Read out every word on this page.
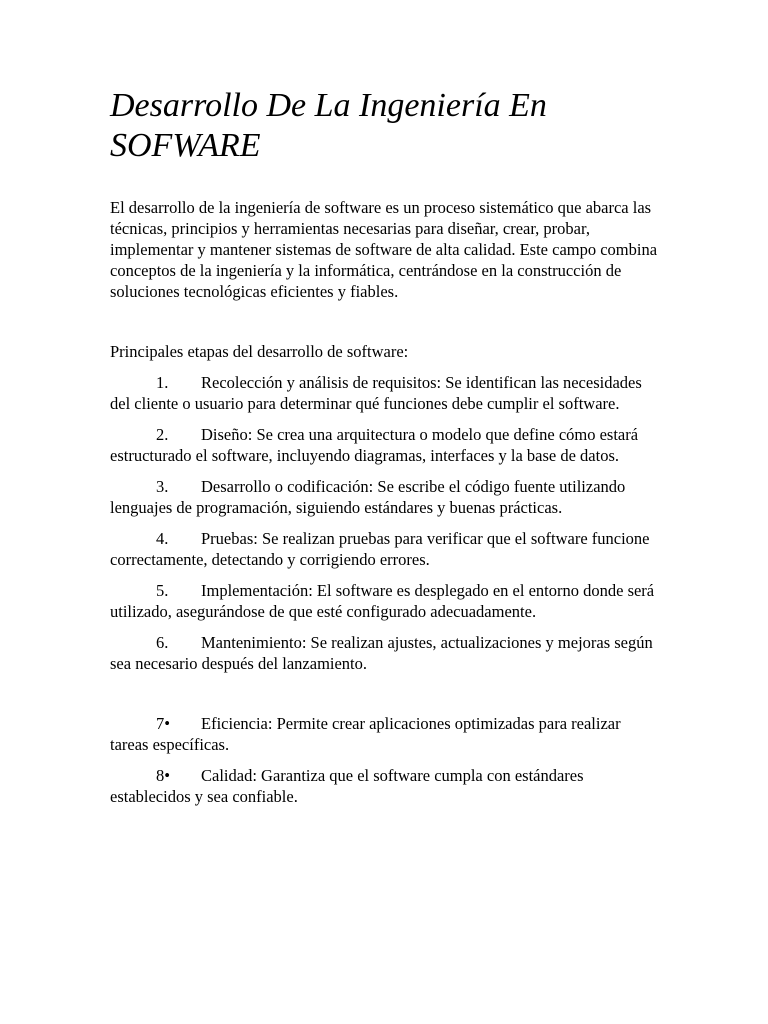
Desarrollo De La Ingeniería En
SOFWARE

El desarrollo de la ingeniería de software es un proceso sistemático que abarca las técnicas, principios y herramientas necesarias para diseñar, crear, probar, implementar y mantener sistemas de software de alta calidad. Este campo combina conceptos de la ingeniería y la informática, centrándose en la construcción de soluciones tecnológicas eficientes y fiables.

Principales etapas del desarrollo de software:

1. Recolección y análisis de requisitos: Se identifican las necesidades del cliente o usuario para determinar qué funciones debe cumplir el software.

2. Diseño: Se crea una arquitectura o modelo que define cómo estará estructurado el software, incluyendo diagramas, interfaces y la base de datos.

3. Desarrollo o codificación: Se escribe el código fuente utilizando lenguajes de programación, siguiendo estándares y buenas prácticas.

4. Pruebas: Se realizan pruebas para verificar que el software funcione correctamente, detectando y corrigiendo errores.

5. Implementación: El software es desplegado en el entorno donde será utilizado, asegurándose de que esté configurado adecuadamente.

6. Mantenimiento: Se realizan ajustes, actualizaciones y mejoras según sea necesario después del lanzamiento.

7• Eficiencia: Permite crear aplicaciones optimizadas para realizar tareas específicas.

8• Calidad: Garantiza que el software cumpla con estándares establecidos y sea confiable.
